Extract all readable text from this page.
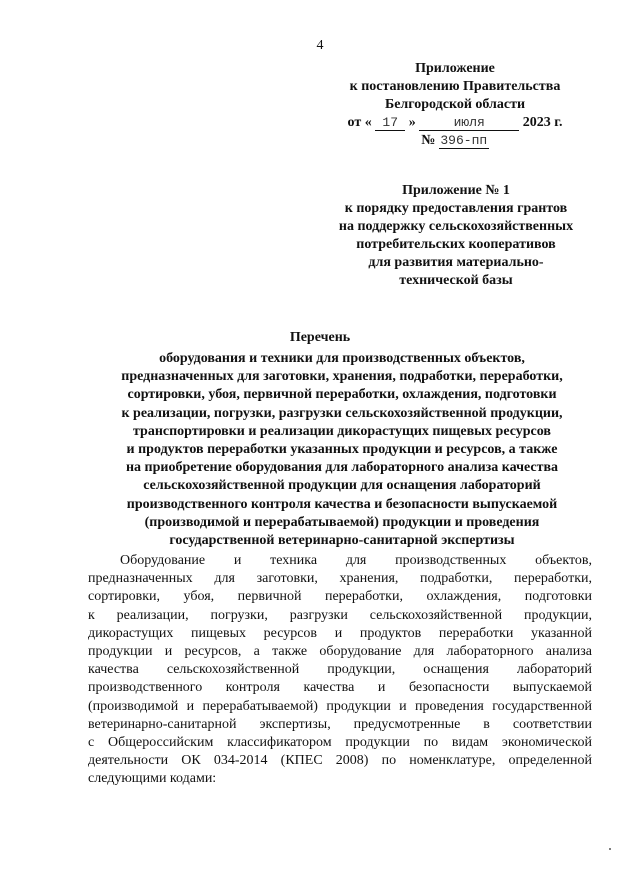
4
Приложение
к постановлению Правительства
Белгородской области
от « 17 »	июля	2023 г.
№ 396-пп
Приложение № 1
к порядку предоставления грантов
на поддержку сельскохозяйственных
потребительских кооперативов
для развития материально-
технической базы
Перечень
оборудования и техники для производственных объектов,
предназначенных для заготовки, хранения, подработки, переработки,
сортировки, убоя, первичной переработки, охлаждения, подготовки
к реализации, погрузки, разгрузки сельскохозяйственной продукции,
транспортировки и реализации дикорастущих пищевых ресурсов
и продуктов переработки указанных продукции и ресурсов, а также
на приобретение оборудования для лабораторного анализа качества
сельскохозяйственной продукции для оснащения лабораторий
производственного контроля качества и безопасности выпускаемой
(производимой и перерабатываемой) продукции и проведения
государственной ветеринарно-санитарной экспертизы
Оборудование и техника для производственных объектов,
предназначенных для заготовки, хранения, подработки, переработки,
сортировки, убоя, первичной переработки, охлаждения, подготовки
к реализации, погрузки, разгрузки сельскохозяйственной продукции,
дикорастущих пищевых ресурсов и продуктов переработки указанной
продукции и ресурсов, а также оборудование для лабораторного анализа
качества сельскохозяйственной продукции, оснащения лабораторий
производственного контроля качества и безопасности выпускаемой
(производимой и перерабатываемой) продукции и проведения государственной
ветеринарно-санитарной экспертизы, предусмотренные в соответствии
с Общероссийским классификатором продукции по видам экономической
деятельности ОК 034-2014 (КПЕС 2008) по номенклатуре, определенной
следующими кодами:
